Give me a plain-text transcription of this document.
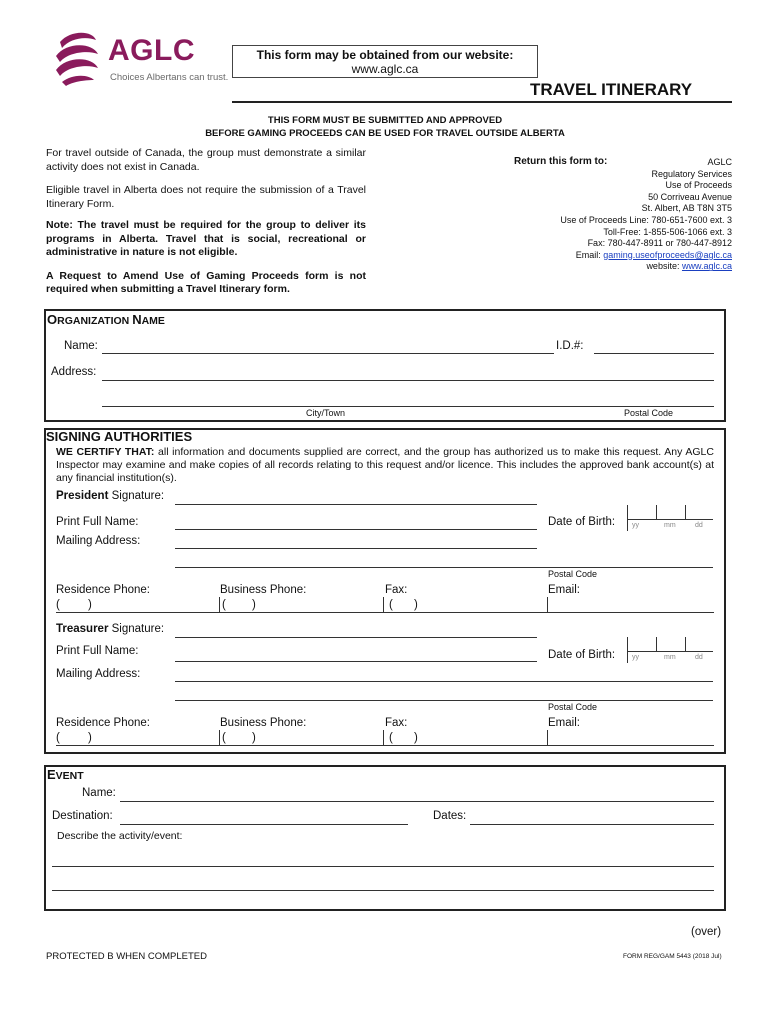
AGLC
Choices Albertans can trust.
This form may be obtained from our website:
www.aglc.ca
TRAVEL ITINERARY
THIS FORM MUST BE SUBMITTED AND APPROVED
BEFORE GAMING PROCEEDS CAN BE USED FOR TRAVEL OUTSIDE ALBERTA

For travel outside of Canada, the group must demonstrate a similar activity does not exist in Canada.

Eligible travel in Alberta does not require the submission of a Travel Itinerary Form.

Note: The travel must be required for the group to deliver its programs in Alberta. Travel that is social, recreational or administrative in nature is not eligible.

A Request to Amend Use of Gaming Proceeds form is not required when submitting a Travel Itinerary form.

Return this form to:	AGLC
Regulatory Services
Use of Proceeds
50 Corriveau Avenue
St. Albert, AB T8N 3T5
Use of Proceeds Line: 780-651-7600 ext. 3
Toll-Free: 1-855-506-1066 ext. 3
Fax: 780-447-8911 or 780-447-8912
Email: gaming.useofproceeds@aglc.ca
website: www.aglc.ca
ORGANIZATION NAME
Name:	I.D.#:
Address:
City/Town	Postal Code
SIGNING AUTHORITIES
WE CERTIFY THAT: all information and documents supplied are correct, and the group has authorized us to make this request. Any AGLC Inspector may examine and make copies of all records relating to this request and/or licence. This includes the approved bank account(s) at any financial institution(s).
President Signature:
Print Full Name:	Date of Birth: yy	mm	dd
Mailing Address:
Postal Code
Residence Phone:	Business Phone:	Fax:	Email:
( )	( )	( )
Treasurer Signature:
Print Full Name:	Date of Birth: yy	mm	dd
Mailing Address:
Postal Code
Residence Phone:	Business Phone:	Fax:	Email:
( )	( )	( )
EVENT
Name:
Destination:	Dates:
Describe the activity/event:
(over)
PROTECTED B WHEN COMPLETED	FORM REG/GAM 5443 (2018 Jul)
